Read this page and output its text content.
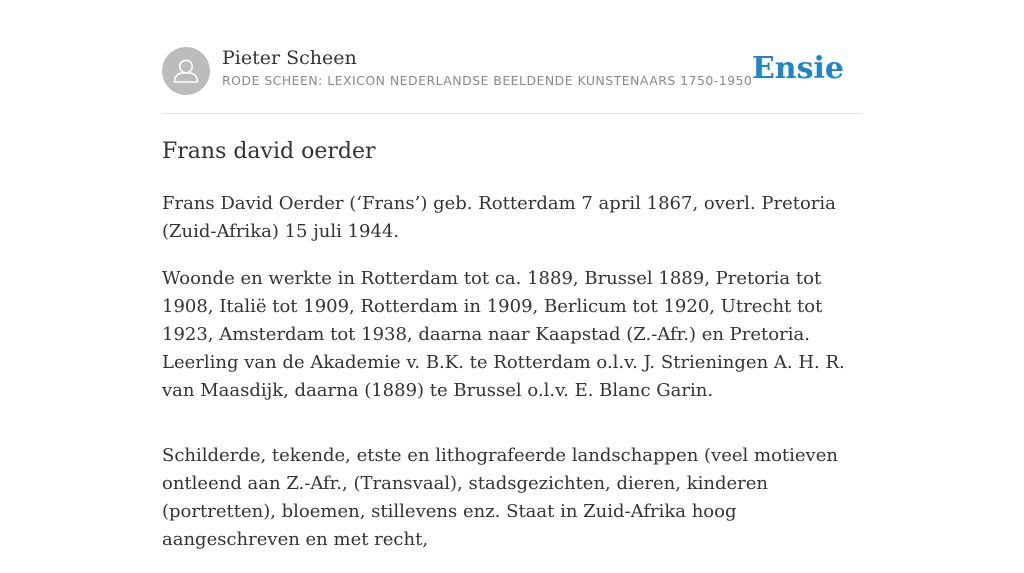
Pieter Scheen
RODE SCHEEN: LEXICON NEDERLANDSE BEELDENDE KUNSTENAARS 1750-1950 Ensie
Frans david oerder

Frans David Oerder (‘Frans’) geb. Rotterdam 7 april 1867, overl. Pretoria (Zuid-Afrika) 15 juli 1944.

Woonde en werkte in Rotterdam tot ca. 1889, Brussel 1889, Pretoria tot 1908, Italië tot 1909, Rotterdam in 1909, Berlicum tot 1920, Utrecht tot 1923, Amsterdam tot 1938, daarna naar Kaapstad (Z.-Afr.) en Pretoria. Leerling van de Akademie v. B.K. te Rotterdam o.l.v. J. Strieningen A. H. R. van Maasdijk, daarna (1889) te Brussel o.l.v. E. Blanc Garin.

Schilderde, tekende, etste en lithografeerde landschappen (veel motieven ontleend aan Z.-Afr., (Transvaal), stadsgezichten, dieren, kinderen (portretten), bloemen, stillevens enz. Staat in Zuid-Afrika hoog aangeschreven en met recht,
